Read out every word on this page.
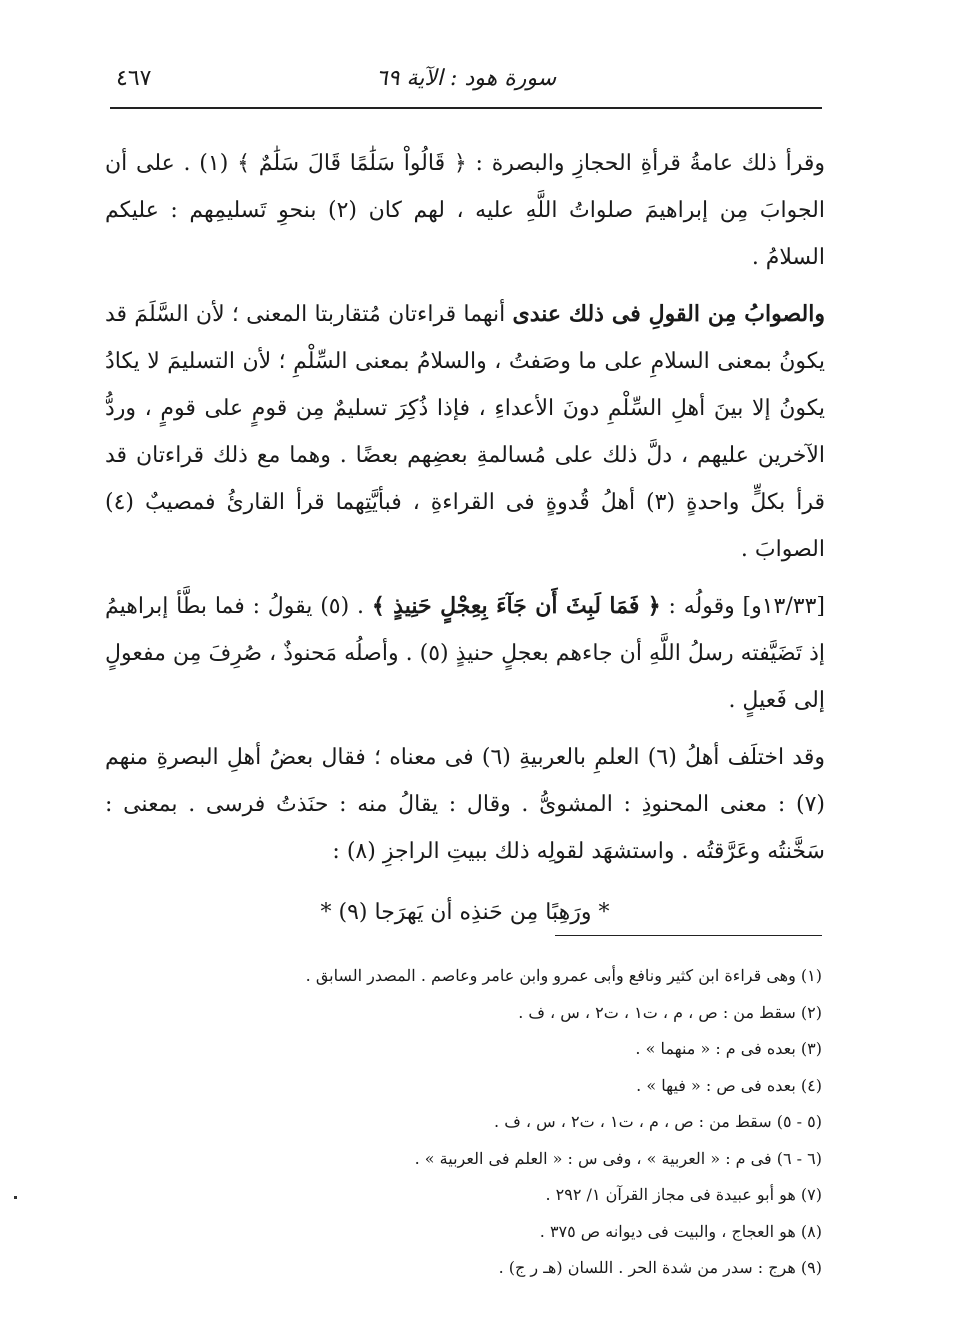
سورة هود : الآية ٦٩
٤٦٧

وقرأ ذلك عامةُ قرأةِ الحجازِ والبصرة : ﴿ قَالُواْ سَلَٰمًا قَالَ سَلَٰمٌ ﴾ (١) . على أن الجوابَ مِن إبراهيمَ صلواتُ اللَّهِ عليه ، لهم كان (٢) بنحوِ تَسليمِهم : عليكم السلامُ .

والصوابُ مِن القولِ فى ذلك عندى أنهما قراءتان مُتقاربتا المعنى ؛ لأن السَّلَمَ قد يكونُ بمعنى السلامِ على ما وصَفتُ ، والسلامُ بمعنى السِّلْمِ ؛ لأن التسليمَ لا يكادُ يكونُ إلا بينَ أهلِ السِّلْمِ دونَ الأعداءِ ، فإذا ذُكِرَ تسليمٌ مِن قومٍ على قومٍ ، وردُّ الآخرين عليهم ، دلَّ ذلك على مُسالمةِ بعضِهم بعضًا . وهما مع ذلك قراءتان قد قرأ بكلٍّ واحدةٍ (٣) أهلُ قُدوةٍ فى القراءةِ ، فبأيَّتِهما قرأ القارئُ فمصيبٌ (٤) الصوابَ .

[١٣/٣٣و] وقولُه : ﴿ فَمَا لَبِثَ أَن جَآءَ بِعِجْلٍ حَنِيذٍ ﴾ . (٥) يقولُ : فما بطَّأ إبراهيمُ إذ تَضَيَّفته رسلُ اللَّهِ أن جاءهم بعجلٍ حنيذٍ (٥) . وأصلُه مَحنوذٌ ، صُرِفَ مِن مفعولٍ إلى فَعيلٍ .

وقد اختلَف أهلُ (٦) العلمِ بالعربيةِ (٦) فى معناه ؛ فقال بعضُ أهلِ البصرةِ منهم (٧) : معنى المحنوذِ : المشوىُّ . وقال : يقالُ منه : حنَذتُ فرسى . بمعنى : سَخَّنتُه وعَرَّقتُه . واستشهَد لقولِه ذلك ببيتِ الراجزِ (٨) :

* ورَهِبًا مِن حَنذِه أن يَهرَجا (٩) *

(١) وهى قراءة ابن كثير ونافع وأبى عمرو وابن عامر وعاصم . المصدر السابق .
(٢) سقط من : ص ، م ، ت١ ، ت٢ ، س ، ف .
(٣) بعده فى م : « منهما » .
(٤) بعده فى ص : « فيها » .
(٥ - ٥) سقط من : ص ، م ، ت١ ، ت٢ ، س ، ف .
(٦ - ٦) فى م : « العربية » ، وفى س : « العلم فى العربية » .
(٧) هو أبو عبيدة فى مجاز القرآن ١/ ٢٩٢ .
(٨) هو العجاج ، والبيت فى ديوانه ص ٣٧٥ .
(٩) هرج : سدر من شدة الحر . اللسان (هـ ر ج) .
